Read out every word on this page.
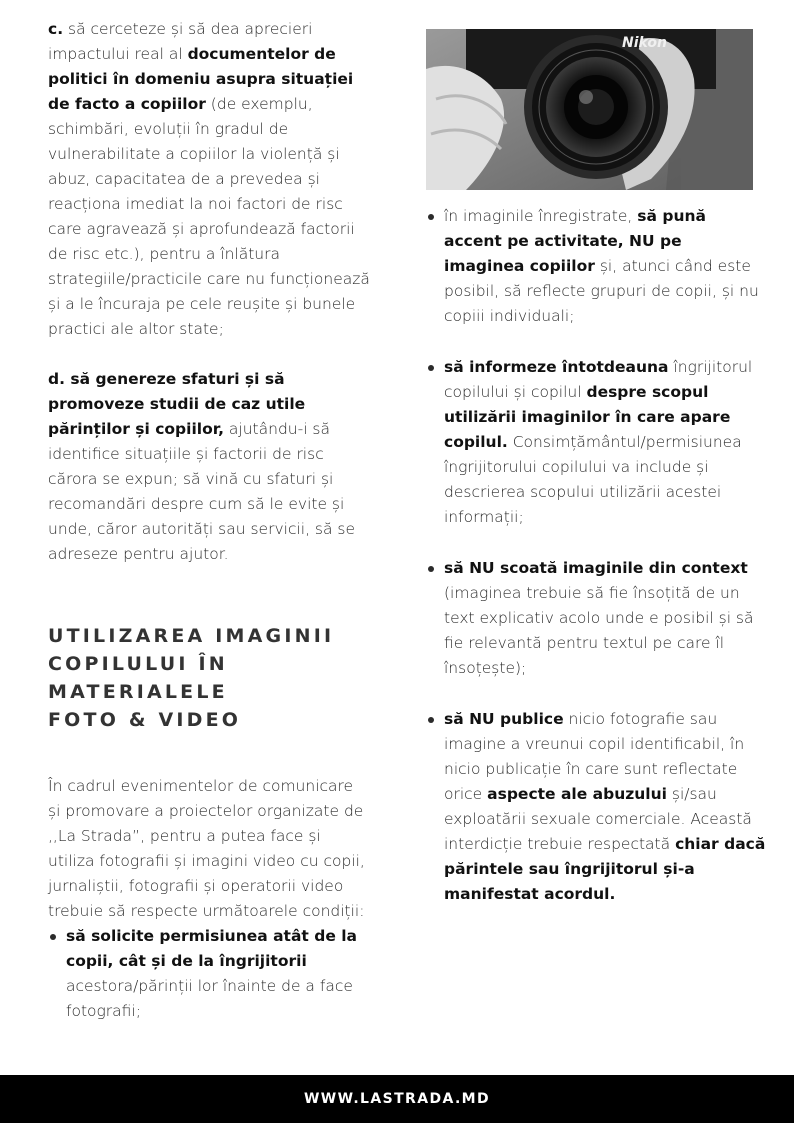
c. să cerceteze și să dea aprecieri impactului real al documentelor de politici în domeniu asupra situației de facto a copiilor (de exemplu, schimbări, evoluții în gradul de vulnerabilitate a copiilor la violență și abuz, capacitatea de a prevedea și reacționa imediat la noi factori de risc care agravează și aprofundează factorii de risc etc.), pentru a înlătura strategiile/practicile care nu funcționează și a le încuraja pe cele reușite și bunele practici ale altor state;

d. să genereze sfaturi și să promoveze studii de caz utile părinților și copiilor, ajutându-i să identifice situațiile și factorii de risc cărora se expun; să vină cu sfaturi și recomandări despre cum să le evite și unde, căror autorități sau servicii, să se adreseze pentru ajutor.

UTILIZAREA IMAGINII
COPILULUI ÎN
MATERIALELE
FOTO & VIDEO

În cadrul evenimentelor de comunicare și promovare a proiectelor organizate de ,,La Strada”, pentru a putea face și utiliza fotografii și imagini video cu copii, jurnaliștii, fotografii și operatorii video trebuie să respecte următoarele condiții:

să solicite permisiunea atât de la copii, cât și de la îngrijitorii acestora/părinții lor înainte de a face fotografii;
Nikon
în imaginile înregistrate, să pună accent pe activitate, NU pe imaginea copiilor și, atunci când este posibil, să reflecte grupuri de copii, și nu copiii individuali;
să informeze întotdeauna îngrijitorul copilului și copilul despre scopul utilizării imaginilor în care apare copilul. Consimțământul/permisiunea îngrijitorului copilului va include și descrierea scopului utilizării acestei informații;
să NU scoată imaginile din context (imaginea trebuie să fie însoțită de un text explicativ acolo unde e posibil și să fie relevantă pentru textul pe care îl însoțește);
să NU publice nicio fotografie sau imagine a vreunui copil identificabil, în nicio publicație în care sunt reflectate orice aspecte ale abuzului și/sau exploatării sexuale comerciale. Această interdicție trebuie respectată chiar dacă părintele sau îngrijitorul și-a manifestat acordul.
WWW.LASTRADA.MD
